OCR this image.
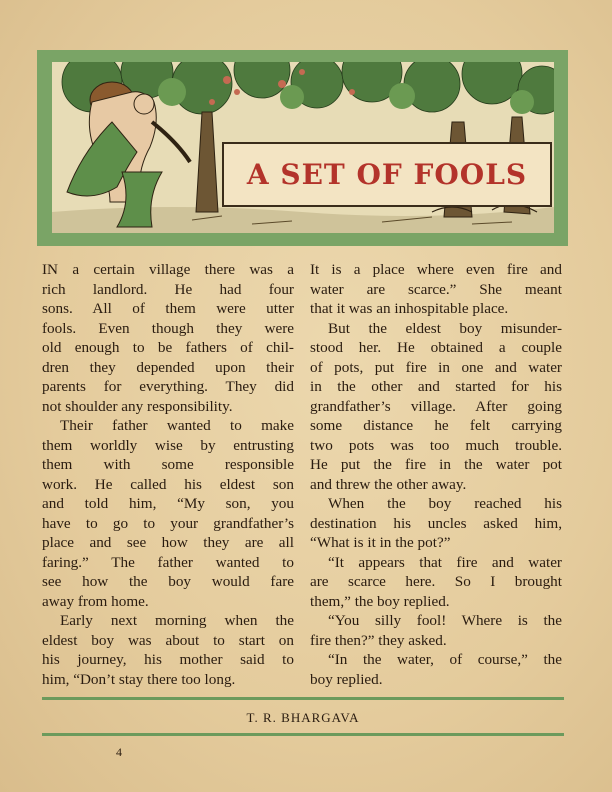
A SET OF FOOLS
IN a certain village there was a
rich landlord. He had four
sons. All of them were utter
fools. Even though they were
old enough to be fathers of chil-
dren they depended upon their
parents for everything. They did
not shoulder any responsibility.
Their father wanted to make
them worldly wise by entrusting
them with some responsible
work. He called his eldest son
and told him, “My son, you
have to go to your grandfather’s
place and see how they are all
faring.” The father wanted to
see how the boy would fare
away from home.
Early next morning when the
eldest boy was about to start on
his journey, his mother said to
him, “Don’t stay there too long.
It is a place where even fire and
water are scarce.” She meant
that it was an inhospitable place.
But the eldest boy misunder-
stood her. He obtained a couple
of pots, put fire in one and water
in the other and started for his
grandfather’s village. After going
some distance he felt carrying
two pots was too much trouble.
He put the fire in the water pot
and threw the other away.
When the boy reached his
destination his uncles asked him,
“What is it in the pot?”
“It appears that fire and water
are scarce here. So I brought
them,” the boy replied.
“You silly fool! Where is the
fire then?” they asked.
“In the water, of course,” the
boy replied.
T. R. BHARGAVA
4
